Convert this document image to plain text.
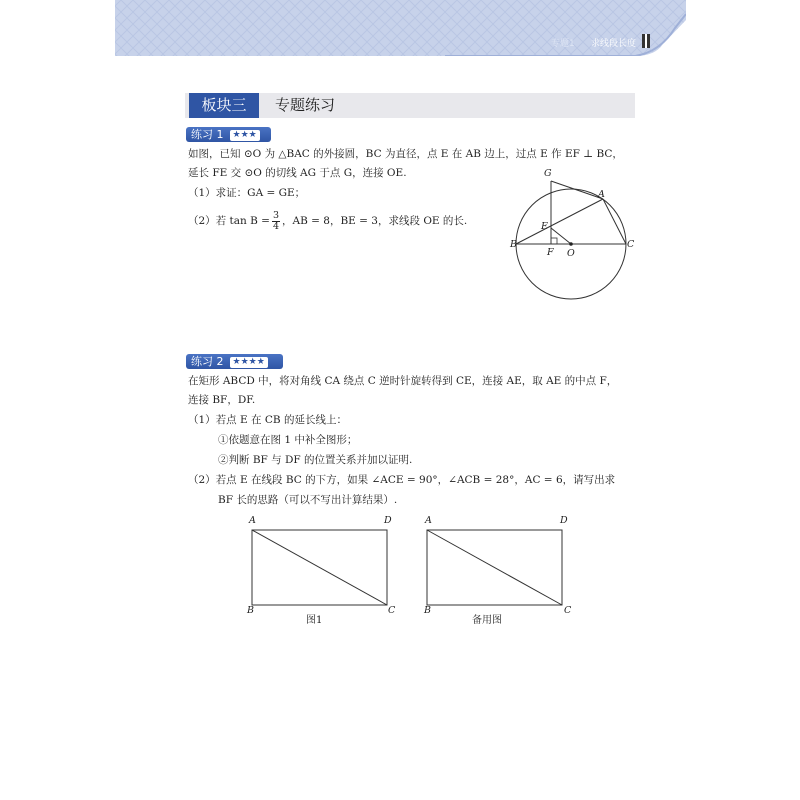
专题1 求线段长度
板块三	专题练习
练习 1 ★★★
如图，已知 ⊙O 为 △BAC 的外接圆，BC 为直径，点 E 在 AB 边上，过点 E 作 EF ⊥ BC，
延长 FE 交 ⊙O 的切线 AG 于点 G，连接 OE.
（1）求证：GA = GE；
（2）若 $\tan B = \frac{3}{4}$ ，AB = 8，BE = 3，求线段 OE 的长.
G
A
E
B
F O
C
练习 2 ★★★★
在矩形 ABCD 中，将对角线 CA 绕点 C 逆时针旋转得到 CE，连接 AE，取 AE 的中点 F，
连接 BF，DF.
（1）若点 E 在 CB 的延长线上：
①依题意在图 1 中补全图形；
②判断 BF 与 DF 的位置关系并加以证明.
（2）若点 E 在线段 BC 的下方，如果 ∠ACE = 90°，∠ACB = 28°，AC = 6，请写出求
BF 长的思路（可以不写出计算结果）.
A	D
B	C
图1
A	D
B	C
备用图
